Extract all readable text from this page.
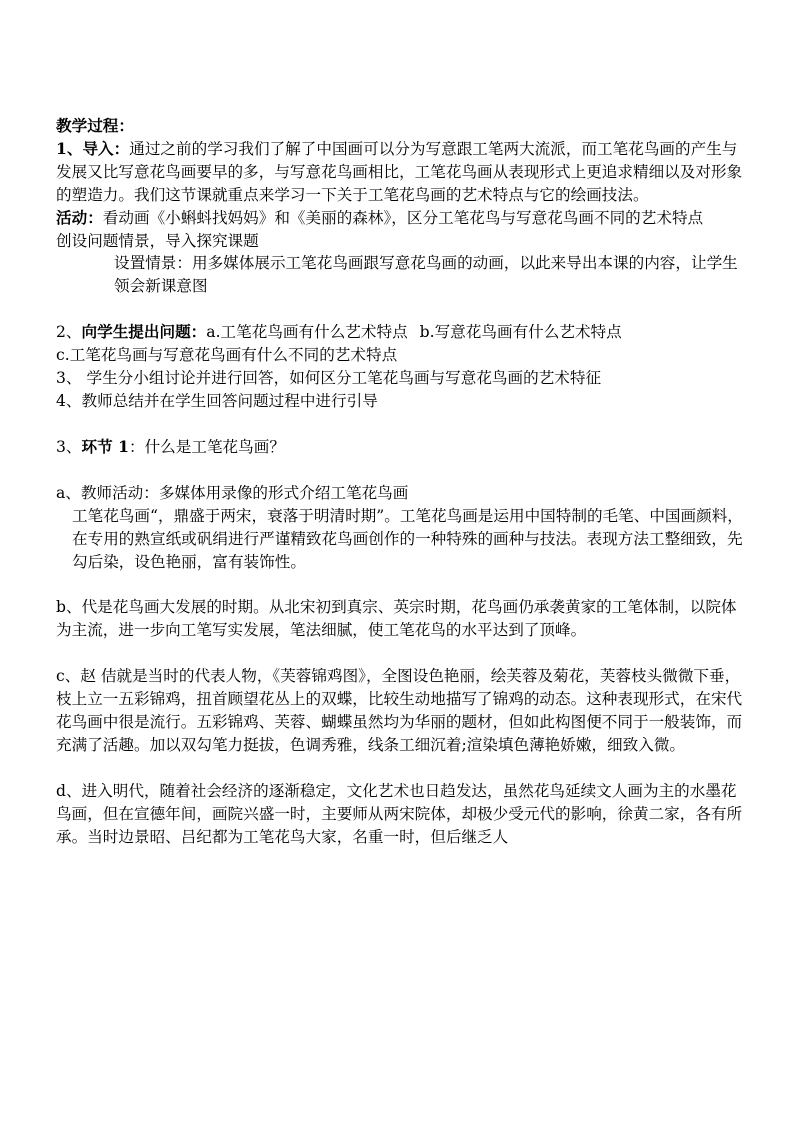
教学过程：

1、导入：通过之前的学习我们了解了中国画可以分为写意跟工笔两大流派，而工笔花鸟画的产生与发展又比写意花鸟画要早的多，与写意花鸟画相比，工笔花鸟画从表现形式上更追求精细以及对形象的塑造力。我们这节课就重点来学习一下关于工笔花鸟画的艺术特点与它的绘画技法。

活动：看动画《小蝌蚪找妈妈》和《美丽的森林》，区分工笔花鸟与写意花鸟画不同的艺术特点

创设问题情景，导入探究课题

设置情景：用多媒体展示工笔花鸟画跟写意花鸟画的动画，以此来导出本课的内容，让学生领会新课意图

2、向学生提出问题：a.工笔花鸟画有什么艺术特点 b.写意花鸟画有什么艺术特点

c.工笔花鸟画与写意花鸟画有什么不同的艺术特点

3、 学生分小组讨论并进行回答，如何区分工笔花鸟画与写意花鸟画的艺术特征

4、教师总结并在学生回答问题过程中进行引导

3、环节 1：什么是工笔花鸟画？

a、教师活动：多媒体用录像的形式介绍工笔花鸟画

工笔花鸟画“，鼎盛于两宋，衰落于明清时期”。工笔花鸟画是运用中国特制的毛笔、中国画颜料，在专用的熟宣纸或矾绢进行严谨精致花鸟画创作的一种特殊的画种与技法。表现方法工整细致，先勾后染，设色艳丽，富有装饰性。

b、代是花鸟画大发展的时期。从北宋初到真宗、英宗时期，花鸟画仍承袭黄家的工笔体制，以院体为主流，进一步向工笔写实发展，笔法细腻，使工笔花鸟的水平达到了顶峰。

c、赵 佶就是当时的代表人物，《芙蓉锦鸡图》，全图设色艳丽，绘芙蓉及菊花，芙蓉枝头微微下垂，枝上立一五彩锦鸡，扭首顾望花丛上的双蝶，比较生动地描写了锦鸡的动态。这种表现形式，在宋代花鸟画中很是流行。五彩锦鸡、芙蓉、蝴蝶虽然均为华丽的题材，但如此构图便不同于一般装饰，而充满了活趣。加以双勾笔力挺拔，色调秀雅，线条工细沉着;渲染填色薄艳娇嫩，细致入微。

d、进入明代，随着社会经济的逐渐稳定，文化艺术也日趋发达，虽然花鸟延续文人画为主的水墨花鸟画，但在宣德年间，画院兴盛一时，主要师从两宋院体，却极少受元代的影响，徐黄二家，各有所承。当时边景昭、吕纪都为工笔花鸟大家，名重一时，但后继乏人
